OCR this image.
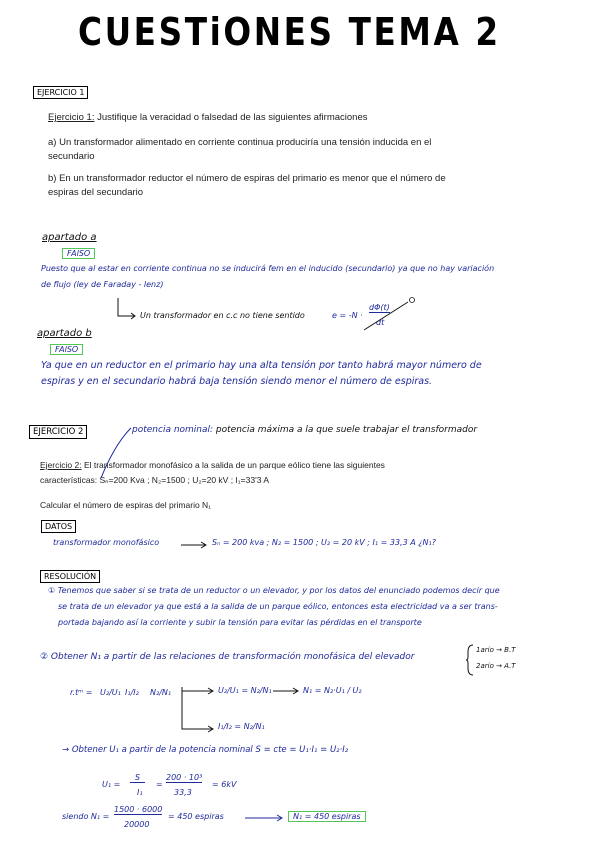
CUESTiONES TEMA 2
EJERCICIO 1
Ejercicio 1: Justifique la veracidad o falsedad de las siguientes afirmaciones
a) Un transformador alimentado en corriente continua produciría una tensión inducida en el
secundario
b) En un transformador reductor el número de espiras del primario es menor que el número de
espiras del secundario
apartado a
FAlSO
Puesto que al estar en corriente continua no se inducirá fem en el inducido (secundario) ya que no hay variación
de flujo (ley de Faraday - lenz)
Un transformador en c.c no tiene sentido	e = -N ·
dΦ(t)
dt
apartado b
FAlSO
Ya que en un reductor en el primario hay una alta tensión por tanto habrá mayor número de
espiras y en el secundario habrá baja tensión siendo menor el número de espiras.
EJERCICIO 2	potencia nominal: potencia máxima a la que suele trabajar el transformador
Ejercicio 2: El transformador monofásico a la salida de un parque eólico tiene las siguientes
características: Sₙ=200 Kva ; N₂=1500 ; U₂=20 kV ; I₁=33'3 A
Calcular el número de espiras del primario N₁
DATOS
transformador monofásico	Sₙ = 200 kva ; N₂ = 1500 ; U₂ = 20 kV ; I₁ = 33,3 A ¿N₁?
RESOLUCIÓN
① Tenemos que saber si se trata de un reductor o un elevador, y por los datos del enunciado podemos decir que
se trata de un elevador ya que está a la salida de un parque eólico, entonces esta electricidad va a ser trans-
portada bajando así la corriente y subir la tensión para evitar las pérdidas en el transporte
② Obtener N₁ a partir de las relaciones de transformación monofásica del elevador
1ario → B.T
2ario → A.T
r.tᵐ = U₂/U₁ I₁/I₂ N₂/N₁	U₂/U₁ = N₂/N₁	N₁ = N₂·U₁ / U₂
I₁/I₂ = N₂/N₁
→ Obtener U₁ a partir de la potencia nominal S = cte = U₁·I₁ = U₂·I₂
U₁ =
S
I₁
=
200 · 10³
33,3
= 6kV
siendo N₁ =
1500 · 6000
20000
= 450 espiras	N₁ = 450 espiras
